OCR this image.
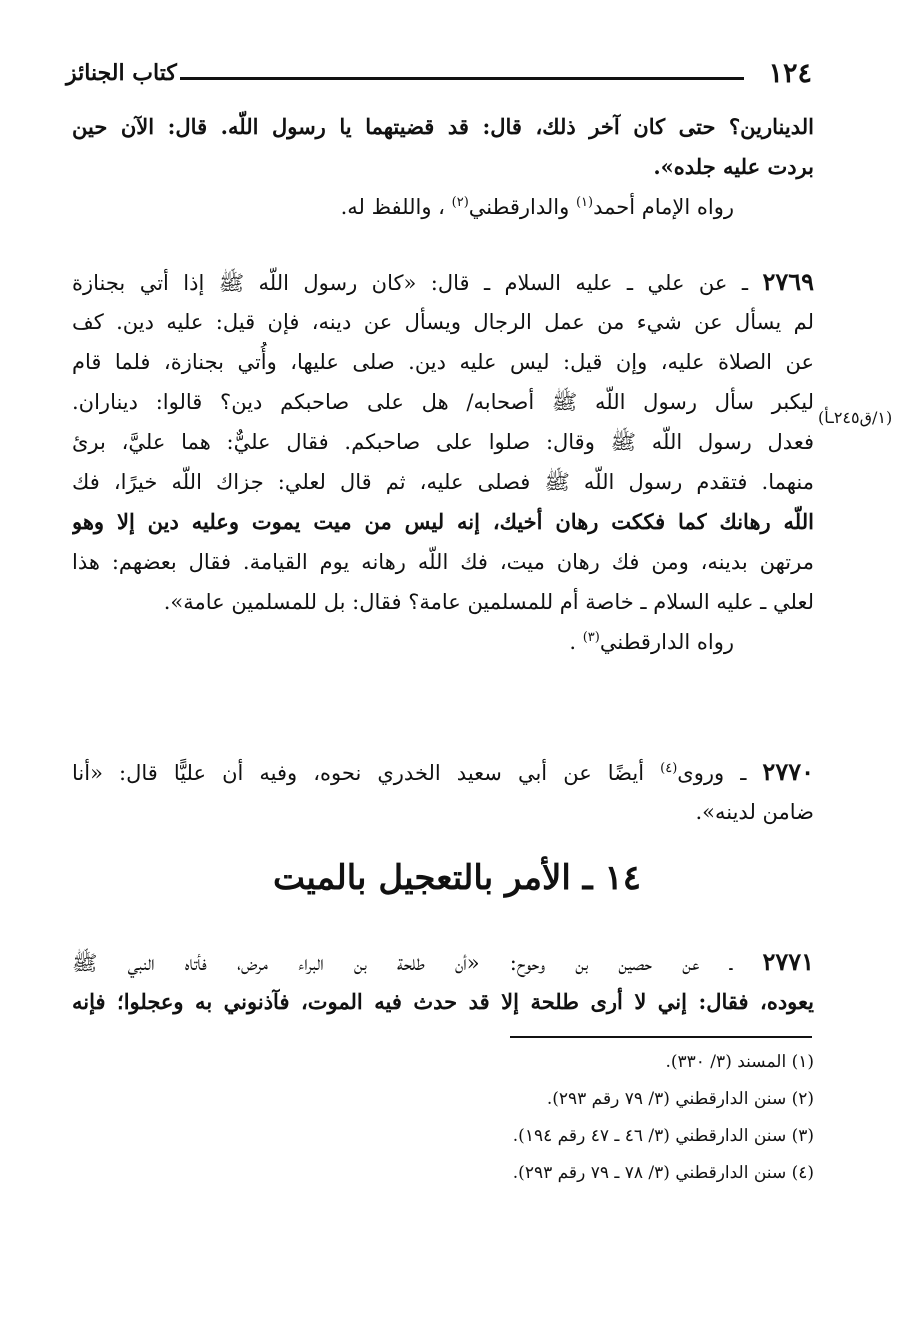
١٢٤
كتاب الجنائز
الدينارين؟ حتى كان آخر ذلك، قال: قد قضيتهما يا رسول اللّه. قال: الآن حين
بردت عليه جلده».
رواه الإمام أحمد$^{(١)}$ والدارقطني$^{(٢)}$ ، واللفظ له.
٢٧٦٩ ـ عن علي ـ عليه السلام ـ قال: «كان رسول اللّه ﷺ إذا أتي بجنازة
لم يسأل عن شيء من عمل الرجال ويسأل عن دينه، فإن قيل: عليه دين. كف
عن الصلاة عليه، وإن قيل: ليس عليه دين. صلى عليها، وأُتي بجنازة، فلما قام
ليكبر سأل رسول اللّه ﷺ أصحابه/ هل على صاحبكم دين؟ قالوا: ديناران.
فعدل رسول اللّه ﷺ وقال: صلوا على صاحبكم. فقال عليٌّ: هما عليَّ، برئ
منهما. فتقدم رسول اللّه ﷺ فصلى عليه، ثم قال لعلي: جزاك اللّه خيرًا، فك
اللّه رهانك كما فككت رهان أخيك، إنه ليس من ميت يموت وعليه دين إلا وهو
مرتهن بدينه، ومن فك رهان ميت، فك اللّه رهانه يوم القيامة. فقال بعضهم: هذا
لعلي ـ عليه السلام ـ خاصة أم للمسلمين عامة؟ فقال: بل للمسلمين عامة».
رواه الدارقطني$^{(٣)}$ .
(١/ق٢٤٥ـأ)
٢٧٧٠ ـ وروى$^{(٤)}$ أيضًا عن أبي سعيد الخدري نحوه، وفيه أن عليًّا قال: «أنا
ضامن لدينه».
١٤ ـ الأمر بالتعجيل بالميت
٢٧٧١ ـ عن حصين بن وحوح: «أن طلحة بن البراء مرض، فأتاه النبي ﷺ
يعوده، فقال: إني لا أرى طلحة إلا قد حدث فيه الموت، فآذنوني به وعجلوا؛ فإنه
(١) المسند (٣/ ٣٣٠).
(٢) سنن الدارقطني (٣/ ٧٩ رقم ٢٩٣).
(٣) سنن الدارقطني (٣/ ٤٦ ـ ٤٧ رقم ١٩٤).
(٤) سنن الدارقطني (٣/ ٧٨ ـ ٧٩ رقم ٢٩٣).
